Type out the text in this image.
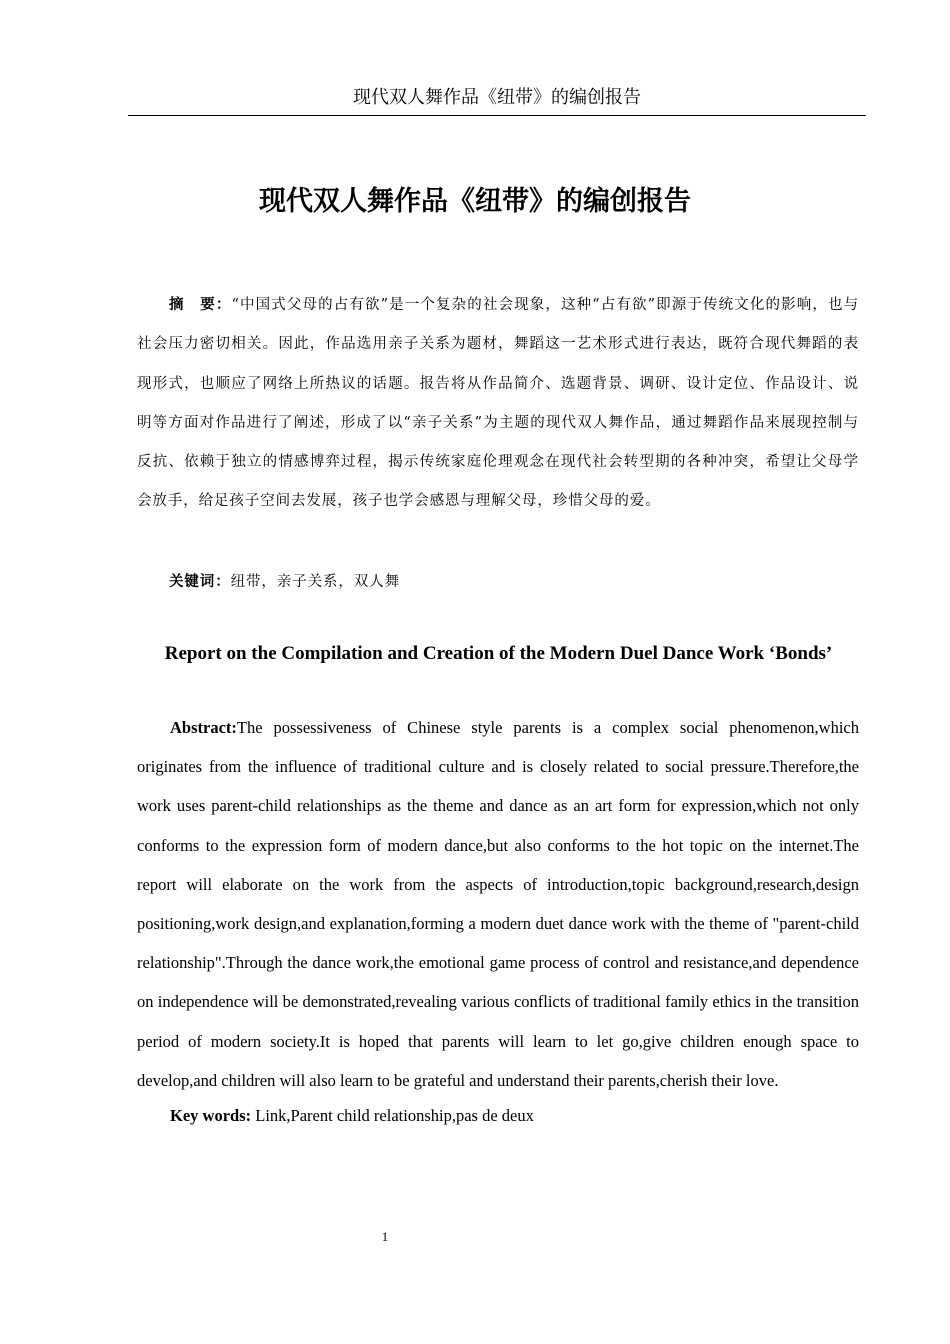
现代双人舞作品《纽带》的编创报告
现代双人舞作品《纽带》的编创报告

摘　要：“中国式父母的占有欲”是一个复杂的社会现象，这种“占有欲”即源于传统文化的影响，也与社会压力密切相关。因此，作品选用亲子关系为题材，舞蹈这一艺术形式进行表达，既符合现代舞蹈的表现形式，也顺应了网络上所热议的话题。报告将从作品简介、选题背景、调研、设计定位、作品设计、说明等方面对作品进行了阐述，形成了以“亲子关系”为主题的现代双人舞作品，通过舞蹈作品来展现控制与反抗、依赖于独立的情感博弈过程，揭示传统家庭伦理观念在现代社会转型期的各种冲突，希望让父母学会放手，给足孩子空间去发展，孩子也学会感恩与理解父母，珍惜父母的爱。

关键词：纽带，亲子关系，双人舞

Report on the Compilation and Creation of the Modern Duel Dance Work ‘Bonds’

Abstract:The possessiveness of Chinese style parents is a complex social phenomenon,which originates from the influence of traditional culture and is closely related to social pressure.Therefore,the work uses parent-child relationships as the theme and dance as an art form for expression,which not only conforms to the expression form of modern dance,but also conforms to the hot topic on the internet.The report will elaborate on the work from the aspects of introduction,topic background,research,design positioning,work design,and explanation,forming a modern duet dance work with the theme of "parent-child relationship".Through the dance work,the emotional game process of control and resistance,and dependence on independence will be demonstrated,revealing various conflicts of traditional family ethics in the transition period of modern society.It is hoped that parents will learn to let go,give children enough space to develop,and children will also learn to be grateful and understand their parents,cherish their love.

Key words: Link,Parent child relationship,pas de deux

1
